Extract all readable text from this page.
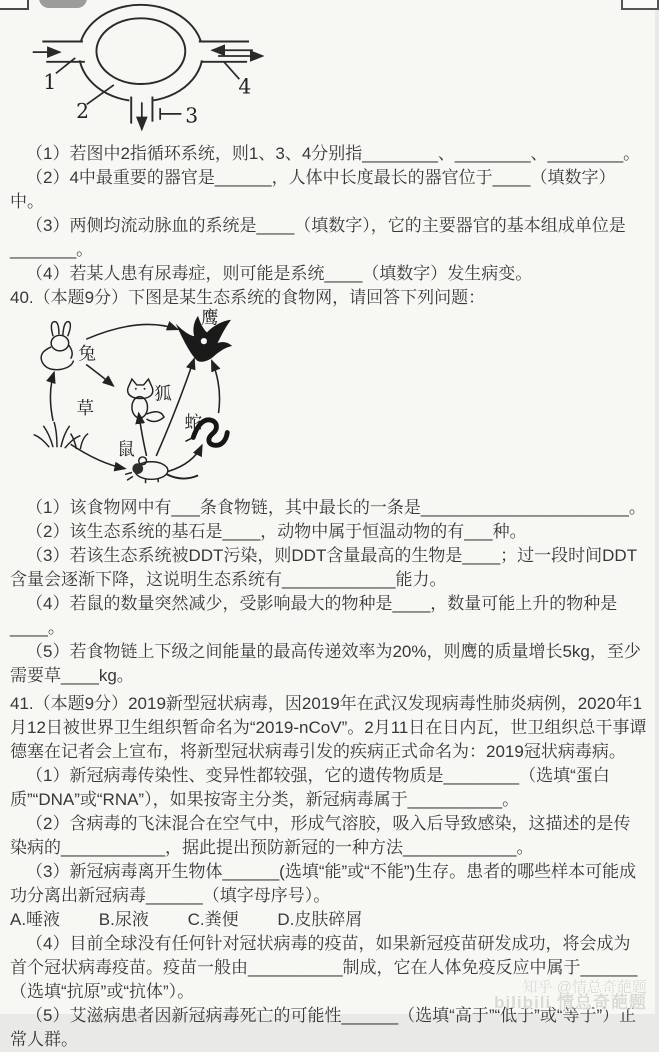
1
2	3
4

（1）若图中2指循环系统，则1、3、4分别指________、________、________。

（2）4中最重要的器官是______，人体中长度最长的器官位于____（填数字）中。

（3）两侧均流动脉血的系统是____（填数字），它的主要器官的基本组成单位是_______。

（4）若某人患有尿毒症，则可能是系统____（填数字）发生病变。

40.（本题9分）下图是某生态系统的食物网，请回答下列问题：

兔
鹰
狐
蛇
草
鼠

（1）该食物网中有___条食物链，其中最长的一条是______________________。

（2）该生态系统的基石是____，动物中属于恒温动物的有___种。

（3）若该生态系统被DDT污染，则DDT含量最高的生物是____；过一段时间DDT含量会逐渐下降，这说明生态系统有____________能力。

（4）若鼠的数量突然减少，受影响最大的物种是____，数量可能上升的物种是____。

（5）若食物链上下级之间能量的最高传递效率为20%，则鹰的质量增长5kg，至少需要草____kg。

41.（本题9分）2019新型冠状病毒，因2019年在武汉发现病毒性肺炎病例，2020年1月12日被世界卫生组织暂命名为“2019-nCoV”。2月11日在日内瓦，世卫组织总干事谭德塞在记者会上宣布，将新型冠状病毒引发的疾病正式命名为：2019冠状病毒病。

（1）新冠病毒传染性、变异性都较强，它的遗传物质是________（选填“蛋白质”“DNA”或“RNA”），如果按寄主分类，新冠病毒属于__________。

（2）含病毒的飞沫混合在空气中，形成气溶胶，吸入后导致感染，这描述的是传染病的___________，据此提出预防新冠的一种方法____________。

（3）新冠病毒离开生物体______(选填“能”或“不能”)生存。患者的哪些样本可能成功分离出新冠病毒______（填字母序号）。

A.唾液 B.尿液 C.粪便 D.皮肤碎屑

（4）目前全球没有任何针对冠状病毒的疫苗，如果新冠疫苗研发成功，将会成为首个冠状病毒疫苗。疫苗一般由__________制成，它在人体免疫反应中属于______（选填“抗原”或“抗体”）。

（5）艾滋病患者因新冠病毒死亡的可能性______（选填“高于”“低于”或“等于”）正常人群。

知乎 @情总奇葩题
bilibili 情总奇葩题
